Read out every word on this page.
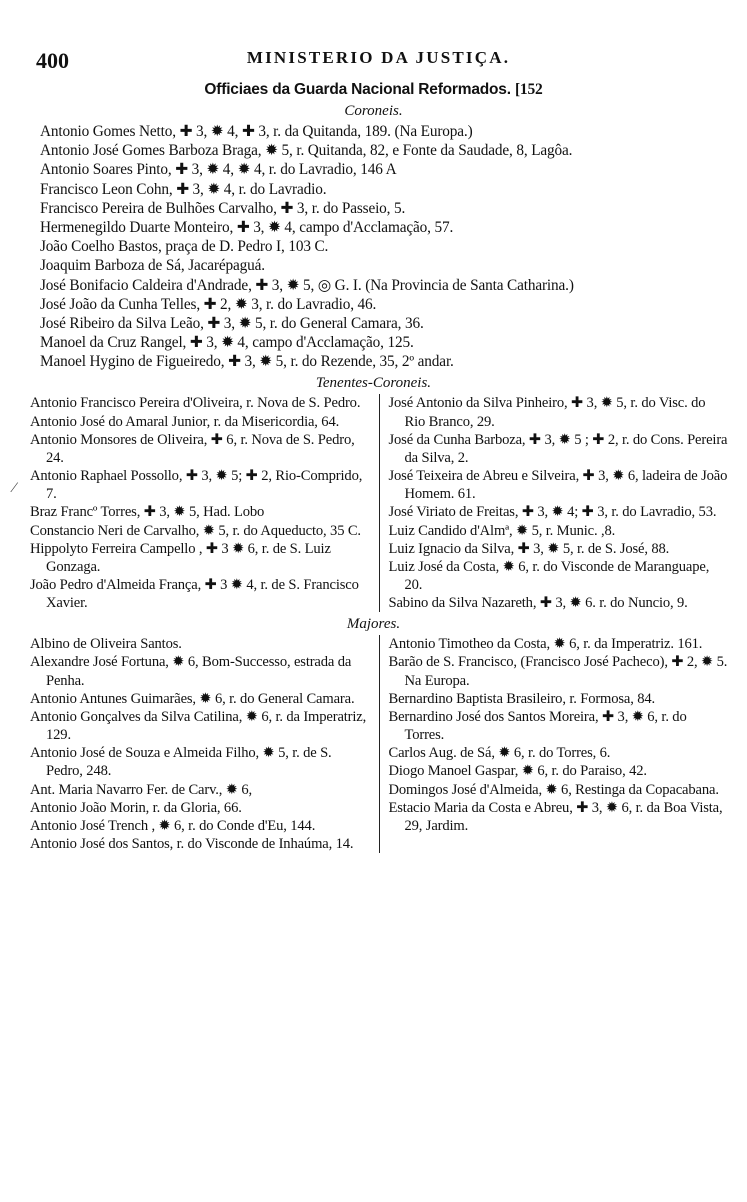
⁄
400	MINISTERIO DA JUSTIÇA.
Officiaes da Guarda Nacional Reformados. [152
Coroneis.

Antonio Gomes Netto, ✚ 3, ✹ 4, ✚ 3, r. da Quitanda, 189. (Na Europa.)

Antonio José Gomes Barboza Braga, ✹ 5, r. Quitanda, 82, e Fonte da Saudade, 8, Lagôa.

Antonio Soares Pinto, ✚ 3, ✹ 4, ✹ 4, r. do Lavradio, 146 A

Francisco Leon Cohn, ✚ 3, ✹ 4, r. do Lavradio.

Francisco Pereira de Bulhões Carvalho, ✚ 3, r. do Passeio, 5.

Hermenegildo Duarte Monteiro, ✚ 3, ✹ 4, campo d'Acclamação, 57.

João Coelho Bastos, praça de D. Pedro I, 103 C.

Joaquim Barboza de Sá, Jacarépaguá.

José Bonifacio Caldeira d'Andrade, ✚ 3, ✹ 5, ◎ G. I. (Na Provincia de Santa Catharina.)

José João da Cunha Telles, ✚ 2, ✹ 3, r. do Lavradio, 46.

José Ribeiro da Silva Leão, ✚ 3, ✹ 5, r. do General Camara, 36.

Manoel da Cruz Rangel, ✚ 3, ✹ 4, campo d'Acclamação, 125.

Manoel Hygino de Figueiredo, ✚ 3, ✹ 5, r. do Rezende, 35, 2º andar.

Tenentes-Coroneis.

Antonio Francisco Pereira d'Oliveira, r. Nova de S. Pedro.

Antonio José do Amaral Junior, r. da Misericordia, 64.

Antonio Monsores de Oliveira, ✚ 6, r. Nova de S. Pedro, 24.

Antonio Raphael Possollo, ✚ 3, ✹ 5; ✚ 2, Rio-Comprido, 7.

Braz Francº Torres, ✚ 3, ✹ 5, Had. Lobo

Constancio Neri de Carvalho, ✹ 5, r. do Aqueducto, 35 C.

Hippolyto Ferreira Campello , ✚ 3 ✹ 6, r. de S. Luiz Gonzaga.

João Pedro d'Almeida França, ✚ 3 ✹ 4, r. de S. Francisco Xavier.

José Antonio da Silva Pinheiro, ✚ 3, ✹ 5, r. do Visc. do Rio Branco, 29.

José da Cunha Barboza, ✚ 3, ✹ 5 ; ✚ 2, r. do Cons. Pereira da Silva, 2.

José Teixeira de Abreu e Silveira, ✚ 3, ✹ 6, ladeira de João Homem. 61.

José Viriato de Freitas, ✚ 3, ✹ 4; ✚ 3, r. do Lavradio, 53.

Luiz Candido d'Almª, ✹ 5, r. Munic. ,8.

Luiz Ignacio da Silva, ✚ 3, ✹ 5, r. de S. José, 88.

Luiz José da Costa, ✹ 6, r. do Visconde de Maranguape, 20.

Sabino da Silva Nazareth, ✚ 3, ✹ 6. r. do Nuncio, 9.

Majores.

Albino de Oliveira Santos.

Alexandre José Fortuna, ✹ 6, Bom-Successo, estrada da Penha.

Antonio Antunes Guimarães, ✹ 6, r. do General Camara.

Antonio Gonçalves da Silva Catilina, ✹ 6, r. da Imperatriz, 129.

Antonio José de Souza e Almeida Filho, ✹ 5, r. de S. Pedro, 248.

Ant. Maria Navarro Fer. de Carv., ✹ 6,

Antonio João Morin, r. da Gloria, 66.

Antonio José Trench , ✹ 6, r. do Conde d'Eu, 144.

Antonio José dos Santos, r. do Visconde de Inhaúma, 14.

Antonio Timotheo da Costa, ✹ 6, r. da Imperatriz. 161.

Barão de S. Francisco, (Francisco José Pacheco), ✚ 2, ✹ 5. Na Europa.

Bernardino Baptista Brasileiro, r. Formosa, 84.

Bernardino José dos Santos Moreira, ✚ 3, ✹ 6, r. do Torres.

Carlos Aug. de Sá, ✹ 6, r. do Torres, 6.

Diogo Manoel Gaspar, ✹ 6, r. do Paraiso, 42.

Domingos José d'Almeida, ✹ 6, Restinga da Copacabana.

Estacio Maria da Costa e Abreu, ✚ 3, ✹ 6, r. da Boa Vista, 29, Jardim.
